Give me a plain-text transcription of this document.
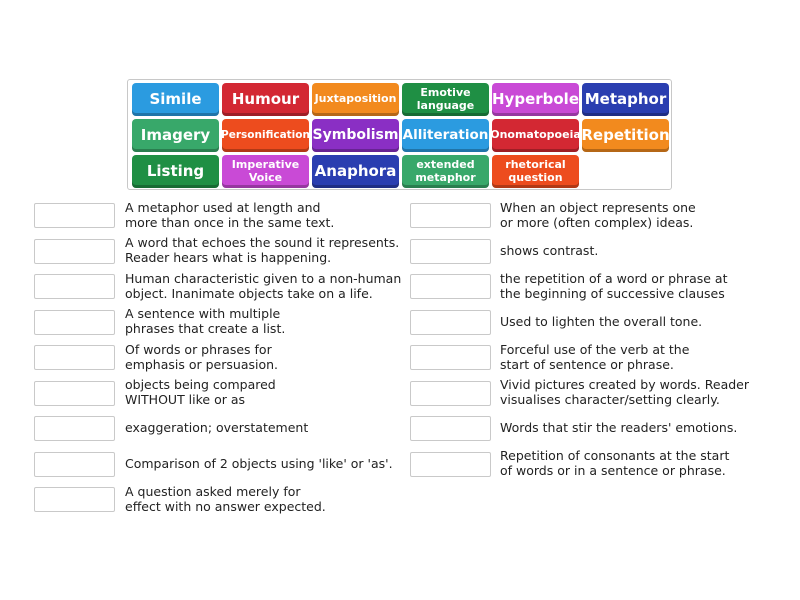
Simile	Humour	Juxtaposition	Emotive
language	Hyperbole Metaphor
Imagery	Personification Symbolism Alliteration Onomatopoeia Repetition
Listing	Imperative
Voice	Anaphora	extended
metaphor
rhetorical
question
A metaphor used at length and
more than once in the same text.
A word that echoes the sound it represents.
Reader hears what is happening.
Human characteristic given to a non-human
object. Inanimate objects take on a life.
A sentence with multiple
phrases that create a list.
Of words or phrases for
emphasis or persuasion.
objects being compared
WITHOUT like or as
exaggeration; overstatement
Comparison of 2 objects using 'like' or 'as'.
A question asked merely for
effect with no answer expected.
When an object represents one
or more (often complex) ideas.
shows contrast.
the repetition of a word or phrase at
the beginning of successive clauses
Used to lighten the overall tone.
Forceful use of the verb at the
start of sentence or phrase.
Vivid pictures created by words. Reader
visualises character/setting clearly.
Words that stir the readers' emotions.
Repetition of consonants at the start
of words or in a sentence or phrase.
